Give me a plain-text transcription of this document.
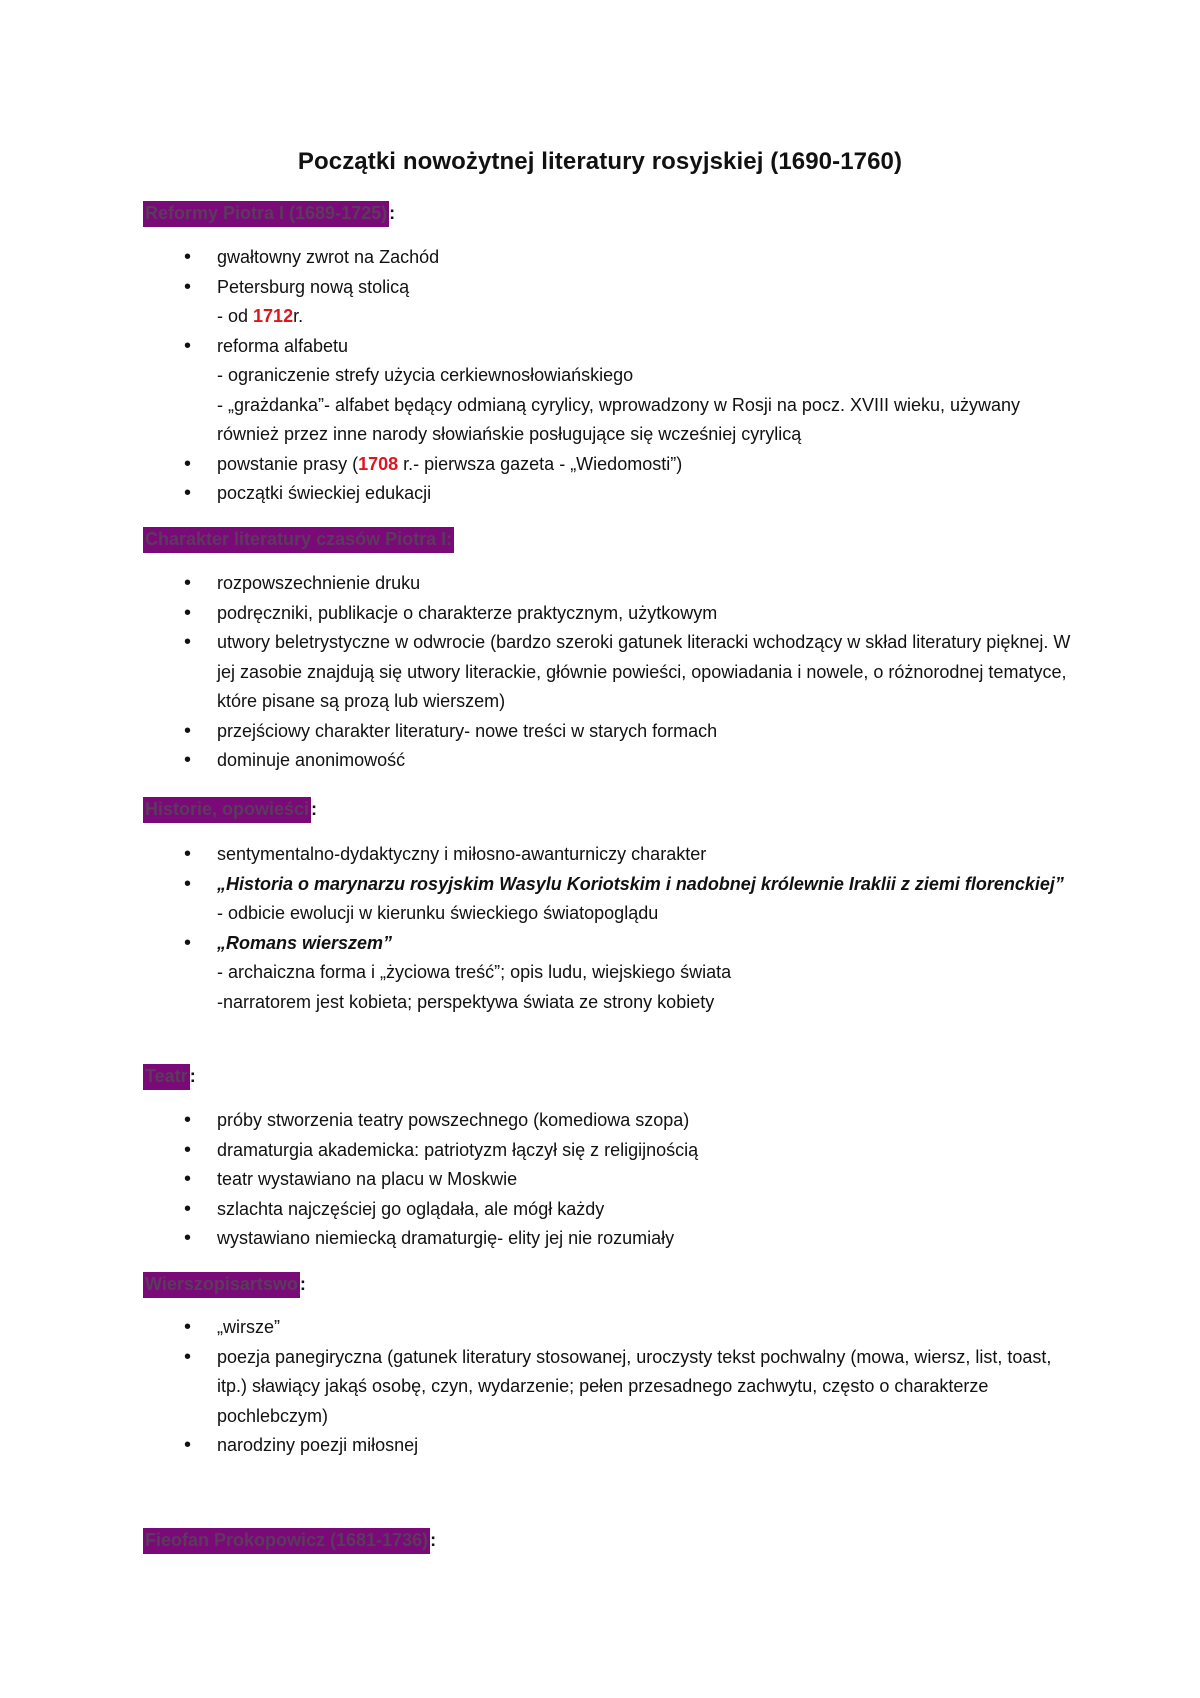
Początki nowożytnej literatury rosyjskiej (1690-1760)
Reformy Piotra I (1689-1725) :
• gwałtowny zwrot na Zachód
• Petersburg nową stolicą
- od 1712r.
• reforma alfabetu
- ograniczenie strefy użycia cerkiewnosłowiańskiego
- „grażdanka”- alfabet będący odmianą cyrylicy, wprowadzony w Rosji na pocz. XVIII wieku, używany również przez inne narody słowiańskie posługujące się wcześniej cyrylicą
• powstanie prasy (1708 r.- pierwsza gazeta - „Wiedomosti”)
• początki świeckiej edukacji
Charakter literatury czasów Piotra I:
• rozpowszechnienie druku
• podręczniki, publikacje o charakterze praktycznym, użytkowym
• utwory beletrystyczne w odwrocie (bardzo szeroki gatunek literacki wchodzący w skład literatury pięknej. W jej zasobie znajdują się utwory literackie, głównie powieści, opowiadania i nowele, o różnorodnej tematyce, które pisane są prozą lub wierszem)
• przejściowy charakter literatury- nowe treści w starych formach
• dominuje anonimowość
Historie, opowieści :
• sentymentalno-dydaktyczny i miłosno-awanturniczy charakter
• „Historia o marynarzu rosyjskim Wasylu Koriotskim i nadobnej królewnie Iraklii z ziemi florenckiej”
- odbicie ewolucji w kierunku świeckiego światopoglądu
• „Romans wierszem”
- archaiczna forma i „życiowa treść”; opis ludu, wiejskiego świata
-narratorem jest kobieta; perspektywa świata ze strony kobiety
Teatr :
• próby stworzenia teatry powszechnego (komediowa szopa)
• dramaturgia akademicka: patriotyzm łączył się z religijnością
• teatr wystawiano na placu w Moskwie
• szlachta najczęściej go oglądała, ale mógł każdy
• wystawiano niemiecką dramaturgię- elity jej nie rozumiały
Wierszopisartswo :
• „wirsze”
• poezja panegiryczna (gatunek literatury stosowanej, uroczysty tekst pochwalny (mowa, wiersz, list, toast, itp.) sławiący jakąś osobę, czyn, wydarzenie; pełen przesadnego zachwytu, często o charakterze pochlebczym)
• narodziny poezji miłosnej
Fieofan Prokopowicz (1681-1736) :
